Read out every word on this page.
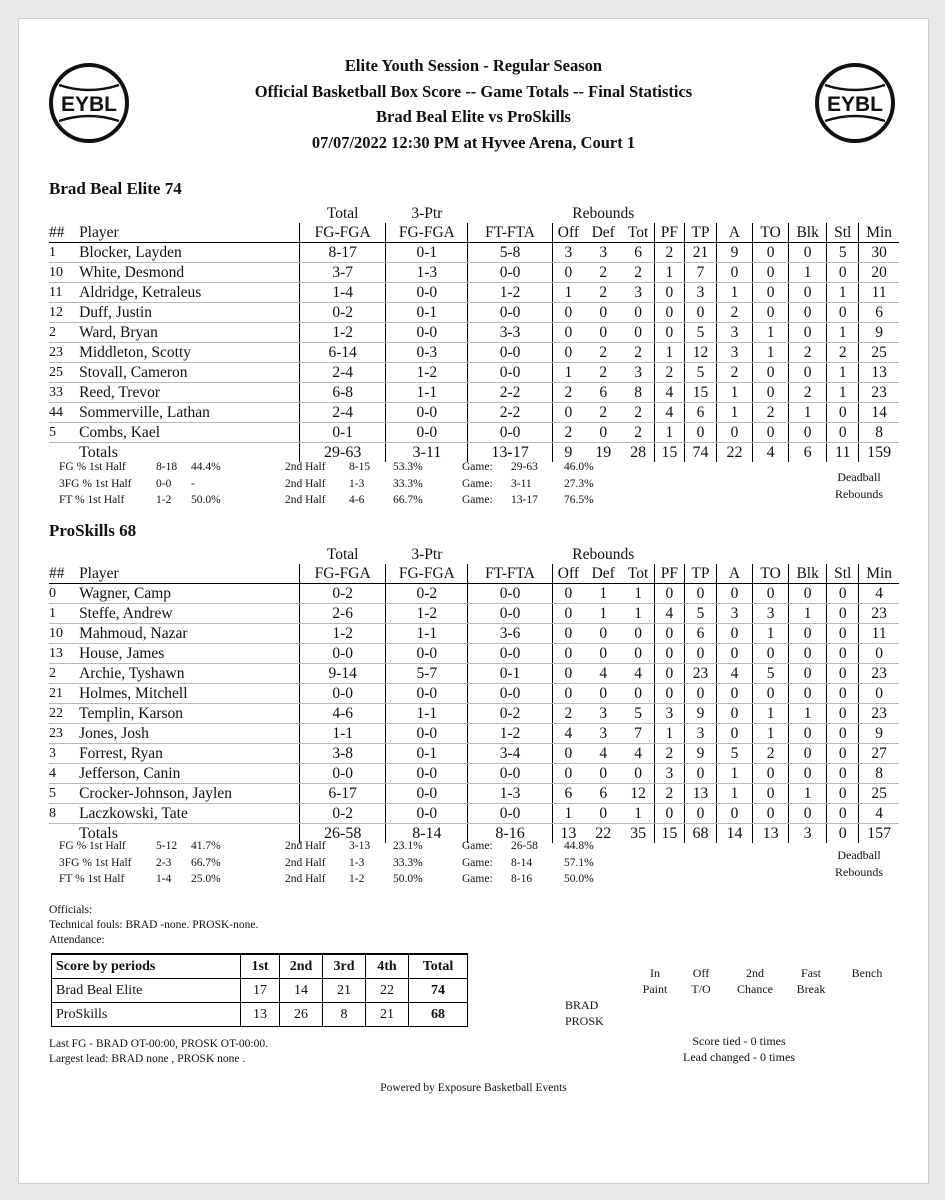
EYBL	EYBL
Elite Youth Session - Regular Season
Official Basketball Box Score -- Game Totals -- Final Statistics
Brad Beal Elite vs ProSkills
07/07/2022 12:30 PM at Hyvee Arena, Court 1
Brad Beal Elite 74
		Total	3-Ptr		Rebounds									
##	Player	FG-FGA	FG-FGA	FT-FTA	Off	Def	Tot	PF	TP	A	TO	Blk	Stl	Min
1	Blocker, Layden	8-17	0-1	5-8	3	3	6	2	21	9	0	0	5	30
10	White, Desmond	3-7	1-3	0-0	0	2	2	1	7	0	0	1	0	20
11	Aldridge, Ketraleus	1-4	0-0	1-2	1	2	3	0	3	1	0	0	1	11
12	Duff, Justin	0-2	0-1	0-0	0	0	0	0	0	2	0	0	0	6
2	Ward, Bryan	1-2	0-0	3-3	0	0	0	0	5	3	1	0	1	9
23	Middleton, Scotty	6-14	0-3	0-0	0	2	2	1	12	3	1	2	2	25
25	Stovall, Cameron	2-4	1-2	0-0	1	2	3	2	5	2	0	0	1	13
33	Reed, Trevor	6-8	1-1	2-2	2	6	8	4	15	1	0	2	1	23
44	Sommerville, Lathan	2-4	0-0	2-2	0	2	2	4	6	1	2	1	0	14
5	Combs, Kael	0-1	0-0	0-0	2	0	2	1	0	0	0	0	0	8
	Totals	29-63	3-11	13-17	9	19	28	15	74	22	4	6	11	159
FG % 1st Half	8-18 44.4%	2nd Half 8-15 53.3%	Game: 29-63 46.0%
3FG % 1st Half 0-0 -	2nd Half 1-3 33.3%	Game: 3-11	27.3%
FT % 1st Half	1-2 50.0%	2nd Half 4-6 66.7%	Game: 13-17 76.5%
Deadball
Rebounds
ProSkills 68
		Total	3-Ptr		Rebounds									
##	Player	FG-FGA	FG-FGA	FT-FTA	Off	Def	Tot	PF	TP	A	TO	Blk	Stl	Min
0	Wagner, Camp	0-2	0-2	0-0	0	1	1	0	0	0	0	0	0	4
1	Steffe, Andrew	2-6	1-2	0-0	0	1	1	4	5	3	3	1	0	23
10	Mahmoud, Nazar	1-2	1-1	3-6	0	0	0	0	6	0	1	0	0	11
13	House, James	0-0	0-0	0-0	0	0	0	0	0	0	0	0	0	0
2	Archie, Tyshawn	9-14	5-7	0-1	0	4	4	0	23	4	5	0	0	23
21	Holmes, Mitchell	0-0	0-0	0-0	0	0	0	0	0	0	0	0	0	0
22	Templin, Karson	4-6	1-1	0-2	2	3	5	3	9	0	1	1	0	23
23	Jones, Josh	1-1	0-0	1-2	4	3	7	1	3	0	1	0	0	9
3	Forrest, Ryan	3-8	0-1	3-4	0	4	4	2	9	5	2	0	0	27
4	Jefferson, Canin	0-0	0-0	0-0	0	0	0	3	0	1	0	0	0	8
5	Crocker-Johnson, Jaylen	6-17	0-0	1-3	6	6	12	2	13	1	0	1	0	25
8	Laczkowski, Tate	0-2	0-0	0-0	1	0	1	0	0	0	0	0	0	4
	Totals	26-58	8-14	8-16	13	22	35	15	68	14	13	3	0	157
FG % 1st Half	5-12 41.7%	2nd Half 3-13 23.1%	Game: 26-58 44.8%
3FG % 1st Half 2-3 66.7%	2nd Half 1-3 33.3%	Game: 8-14	57.1%
FT % 1st Half	1-4 25.0%	2nd Half 1-2 50.0%	Game: 8-16	50.0%
Deadball
Rebounds
Officials:
Technical fouls: BRAD -none. PROSK-none.
Attendance:
Score by periods	1st	2nd	3rd	4th	Total
Brad Beal Elite	17	14	21	22	74
ProSkills	13	26	8	21	68
In
Paint
Off
T/O
2nd
Chance
Fast
Break
Bench
BRAD
PROSK
Score tied - 0 times
Lead changed - 0 times
Last FG - BRAD OT-00:00, PROSK OT-00:00.
Largest lead: BRAD none , PROSK none .
Powered by Exposure Basketball Events
